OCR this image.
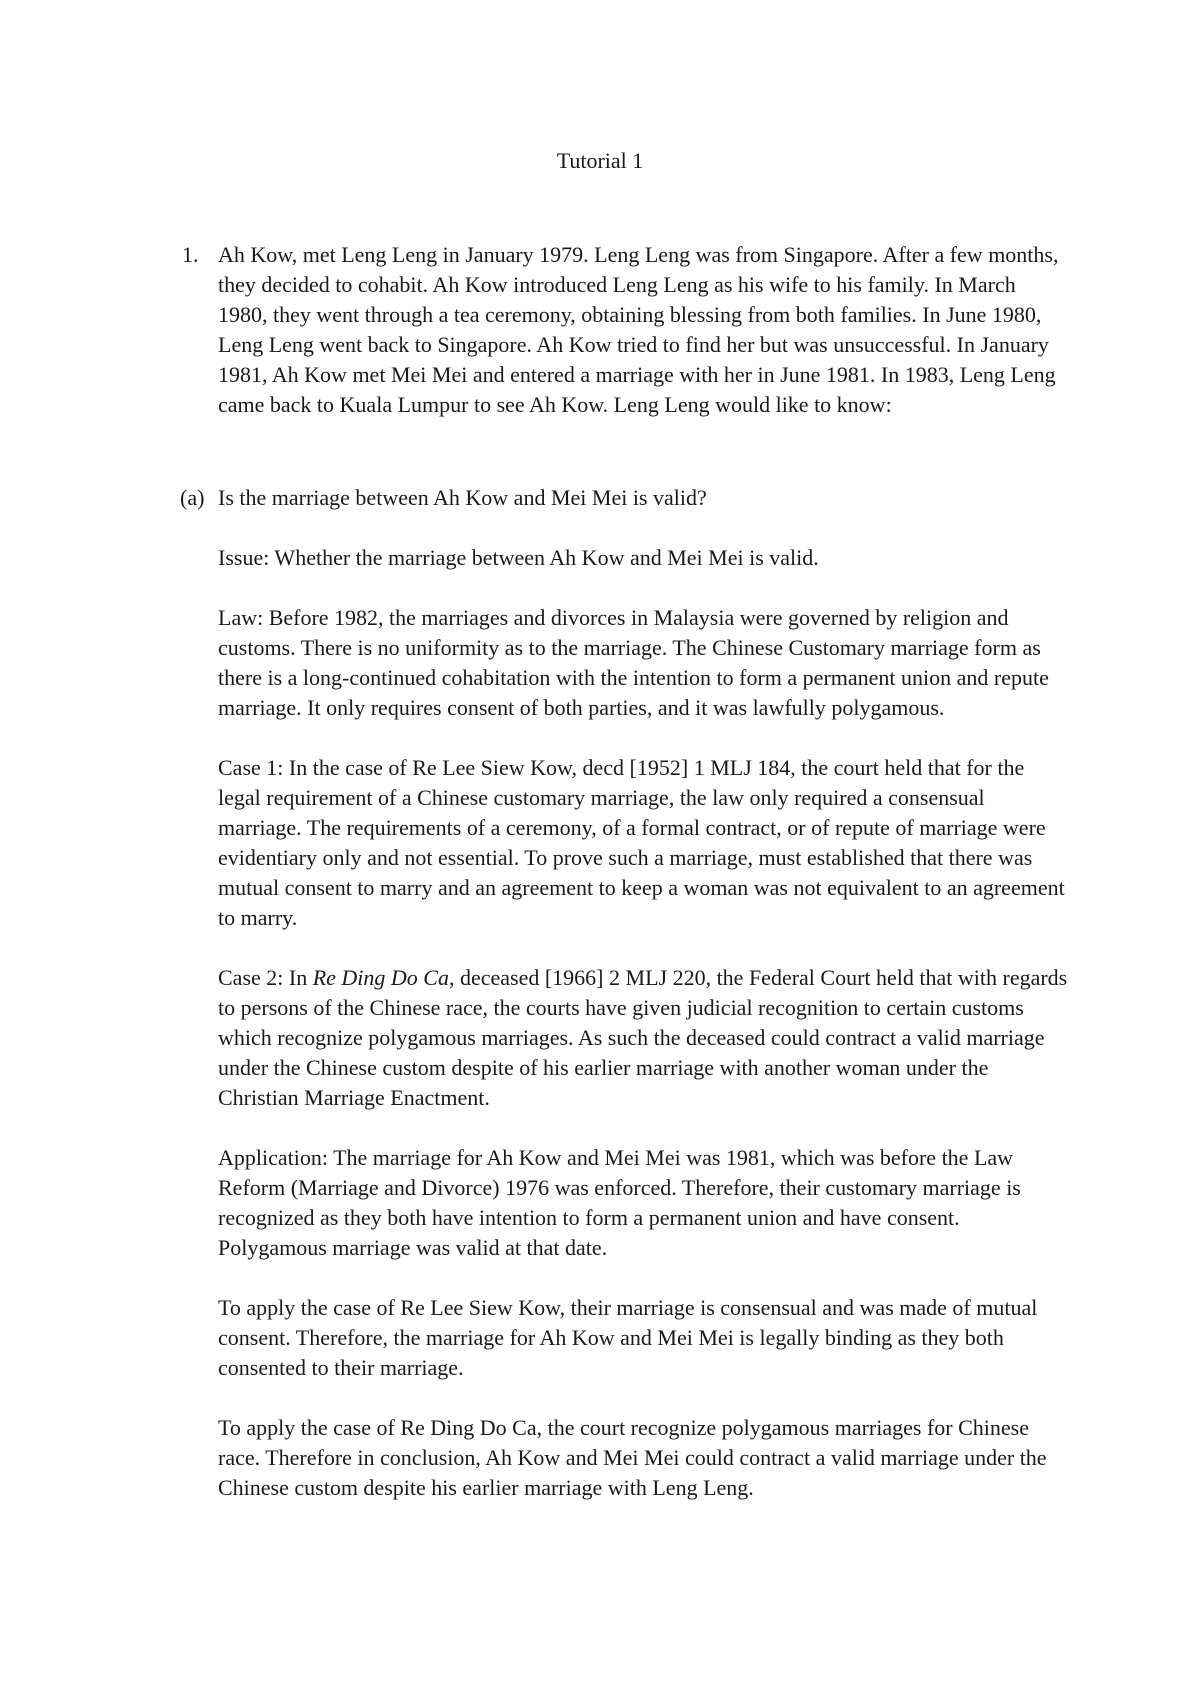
Tutorial 1
1. Ah Kow, met Leng Leng in January 1979. Leng Leng was from Singapore. After a few months, they decided to cohabit. Ah Kow introduced Leng Leng as his wife to his family. In March 1980, they went through a tea ceremony, obtaining blessing from both families. In June 1980, Leng Leng went back to Singapore. Ah Kow tried to find her but was unsuccessful. In January 1981, Ah Kow met Mei Mei and entered a marriage with her in June 1981. In 1983, Leng Leng came back to Kuala Lumpur to see Ah Kow. Leng Leng would like to know:
(a) Is the marriage between Ah Kow and Mei Mei is valid?

Issue: Whether the marriage between Ah Kow and Mei Mei is valid.

Law: Before 1982, the marriages and divorces in Malaysia were governed by religion and customs. There is no uniformity as to the marriage. The Chinese Customary marriage form as there is a long-continued cohabitation with the intention to form a permanent union and repute marriage. It only requires consent of both parties, and it was lawfully polygamous.

Case 1: In the case of Re Lee Siew Kow, decd [1952] 1 MLJ 184, the court held that for the legal requirement of a Chinese customary marriage, the law only required a consensual marriage. The requirements of a ceremony, of a formal contract, or of repute of marriage were evidentiary only and not essential. To prove such a marriage, must established that there was mutual consent to marry and an agreement to keep a woman was not equivalent to an agreement to marry.

Case 2: In Re Ding Do Ca, deceased [1966] 2 MLJ 220, the Federal Court held that with regards to persons of the Chinese race, the courts have given judicial recognition to certain customs which recognize polygamous marriages. As such the deceased could contract a valid marriage under the Chinese custom despite of his earlier marriage with another woman under the Christian Marriage Enactment.

Application: The marriage for Ah Kow and Mei Mei was 1981, which was before the Law Reform (Marriage and Divorce) 1976 was enforced. Therefore, their customary marriage is recognized as they both have intention to form a permanent union and have consent. Polygamous marriage was valid at that date.

To apply the case of Re Lee Siew Kow, their marriage is consensual and was made of mutual consent. Therefore, the marriage for Ah Kow and Mei Mei is legally binding as they both consented to their marriage.

To apply the case of Re Ding Do Ca, the court recognize polygamous marriages for Chinese race. Therefore in conclusion, Ah Kow and Mei Mei could contract a valid marriage under the Chinese custom despite his earlier marriage with Leng Leng.
